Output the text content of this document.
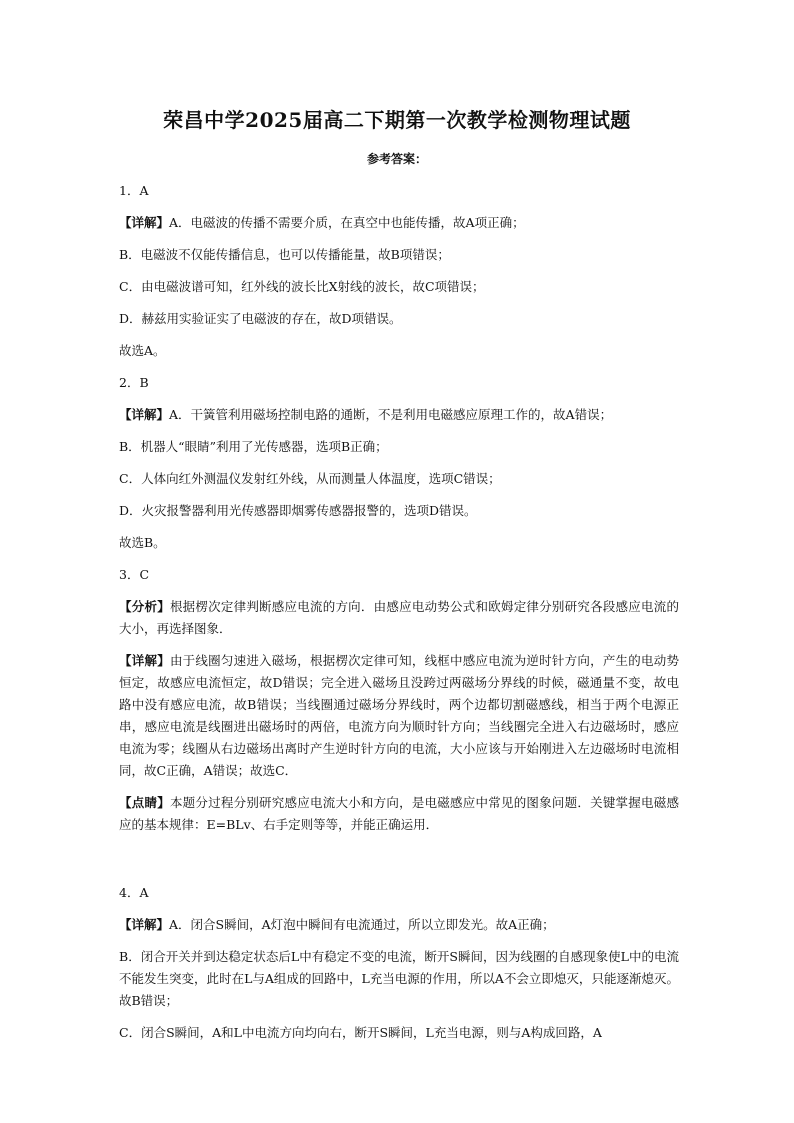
荣昌中学2025届高二下期第一次教学检测物理试题
参考答案：
1．A
【详解】A．电磁波的传播不需要介质，在真空中也能传播，故A项正确；
B．电磁波不仅能传播信息，也可以传播能量，故B项错误；
C．由电磁波谱可知，红外线的波长比X射线的波长，故C项错误；
D．赫兹用实验证实了电磁波的存在，故D项错误。
故选A。
2．B
【详解】A．干簧管利用磁场控制电路的通断，不是利用电磁感应原理工作的，故A错误；
B．机器人“眼睛”利用了光传感器，选项B正确；
C．人体向红外测温仪发射红外线，从而测量人体温度，选项C错误；
D．火灾报警器利用光传感器即烟雾传感器报警的，选项D错误。
故选B。
3．C
【分析】根据楞次定律判断感应电流的方向．由感应电动势公式和欧姆定律分别研究各段感应电流的大小，再选择图象．
【详解】由于线圈匀速进入磁场，根据楞次定律可知，线框中感应电流为逆时针方向，产生的电动势恒定，故感应电流恒定，故D错误；完全进入磁场且没跨过两磁场分界线的时候，磁通量不变，故电路中没有感应电流，故B错误；当线圈通过磁场分界线时，两个边都切割磁感线，相当于两个电源正串，感应电流是线圈进出磁场时的两倍，电流方向为顺时针方向；当线圈完全进入右边磁场时，感应电流为零；线圈从右边磁场出离时产生逆时针方向的电流，大小应该与开始刚进入左边磁场时电流相同，故C正确，A错误；故选C．
【点睛】本题分过程分别研究感应电流大小和方向，是电磁感应中常见的图象问题．关键掌握电磁感应的基本规律：E=BLv、右手定则等等，并能正确运用．
4．A
【详解】A．闭合S瞬间，A灯泡中瞬间有电流通过，所以立即发光。故A正确；
B．闭合开关并到达稳定状态后L中有稳定不变的电流，断开S瞬间，因为线圈的自感现象使L中的电流不能发生突变，此时在L与A组成的回路中，L充当电源的作用，所以A不会立即熄灭，只能逐渐熄灭。故B错误；
C．闭合S瞬间，A和L中电流方向均向右，断开S瞬间，L充当电源，则与A构成回路，A
